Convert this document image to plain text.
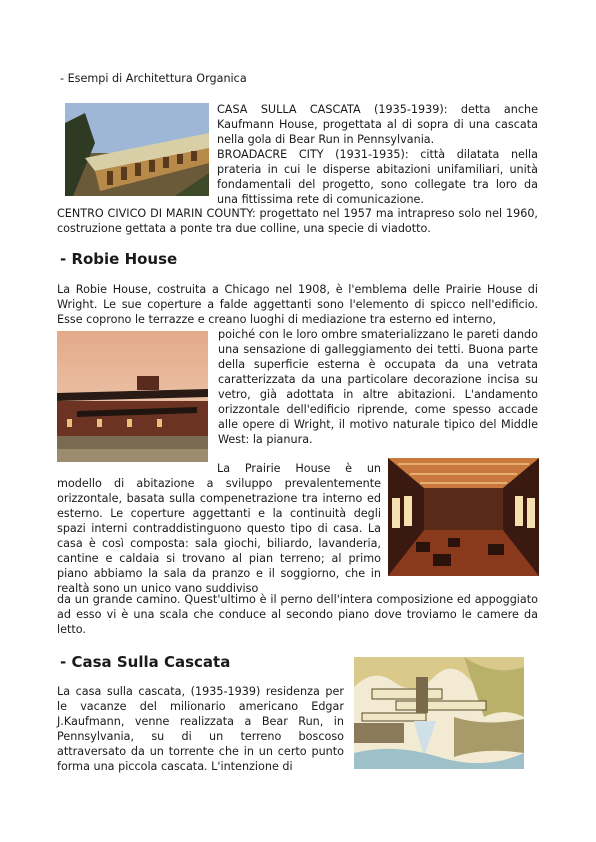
- Esempi di Architettura Organica

CASA SULLA CASCATA (1935-1939): detta anche Kaufmann House, progettata al di sopra di una cascata nella gola di Bear Run in Pennsylvania.

BROADACRE CITY (1931-1935): città dilatata nella prateria in cui le disperse abitazioni unifamiliari, unità fondamentali del progetto, sono collegate tra loro da una fittissima rete di comunicazione.

CENTRO CIVICO DI MARIN COUNTY: progettato nel 1957 ma intrapreso solo nel 1960, costruzione gettata a ponte tra due colline, una specie di viadotto.

- Robie House

La Robie House, costruita a Chicago nel 1908, è l'emblema delle Prairie House di Wright. Le sue coperture a falde aggettanti sono l'elemento di spicco nell'edificio. Esse coprono le terrazze e creano luoghi di mediazione tra esterno ed interno,

poiché con le loro ombre smaterializzano le pareti dando una sensazione di galleggiamento dei tetti. Buona parte della superficie esterna è occupata da una vetrata caratterizzata da una particolare decorazione incisa su vetro, già adottata in altre abitazioni. L'andamento orizzontale dell'edificio riprende, come spesso accade alle opere di Wright, il motivo naturale tipico del Middle West: la pianura.

La Prairie House è un modello di abitazione a sviluppo prevalentemente orizzontale, basata sulla compenetrazione tra interno ed esterno. Le coperture aggettanti e la continuità degli spazi interni contraddistinguono questo tipo di casa. La casa è così composta: sala giochi, biliardo, lavanderia, cantine e caldaia si trovano al pian terreno; al primo piano abbiamo la sala da pranzo e il soggiorno, che in realtà sono un unico vano suddiviso

da un grande camino. Quest'ultimo è il perno dell'intera composizione ed appoggiato ad esso vi è una scala che conduce al secondo piano dove troviamo le camere da letto.

- Casa Sulla Cascata

La casa sulla cascata, (1935-1939) residenza per le vacanze del milionario americano Edgar J.Kaufmann, venne realizzata a Bear Run, in Pennsylvania, su di un terreno boscoso attraversato da un torrente che in un certo punto forma una piccola cascata. L'intenzione di
